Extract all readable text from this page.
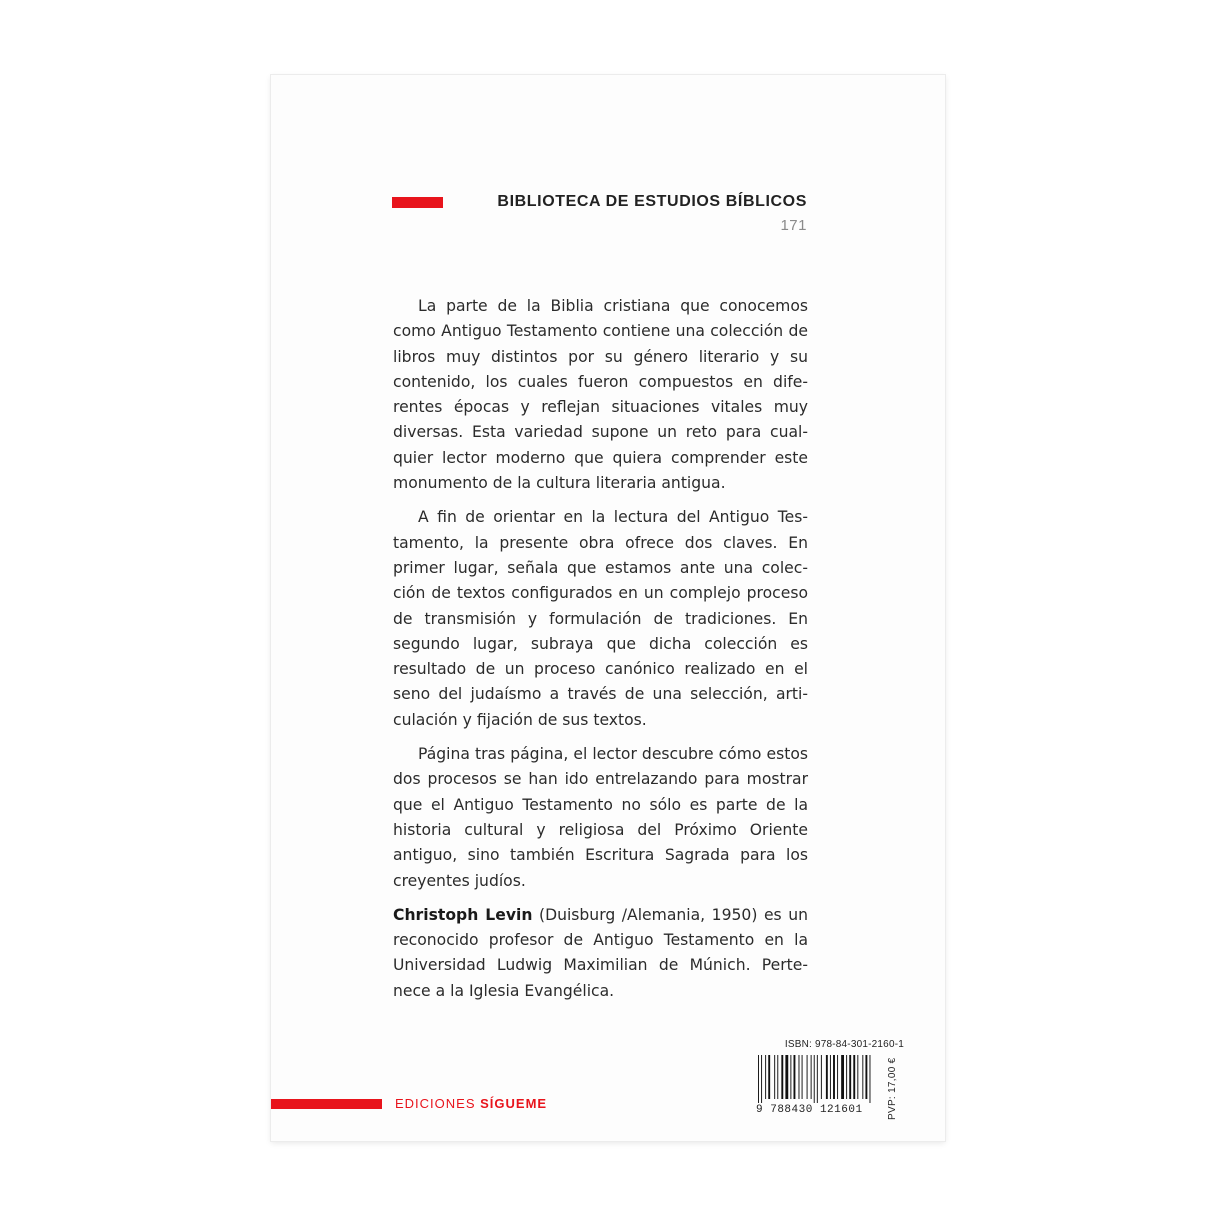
BIBLIOTECA DE ESTUDIOS BÍBLICOS
171

La parte de la Biblia cristiana que conocemos como Antiguo Testamento contiene una colección de libros muy distintos por su género literario y su contenido, los cuales fueron compuestos en diferentes épocas y reflejan situaciones vitales muy diversas. Esta variedad supone un reto para cualquier lector moderno que quiera comprender este monumento de la cultura literaria antigua.

A fin de orientar en la lectura del Antiguo Testamento, la presente obra ofrece dos claves. En primer lugar, señala que estamos ante una colección de textos configurados en un complejo proceso de transmisión y formulación de tradiciones. En segundo lugar, subraya que dicha colección es resultado de un proceso canónico realizado en el seno del judaísmo a través de una selección, articulación y fijación de sus textos.

Página tras página, el lector descubre cómo estos dos procesos se han ido entrelazando para mostrar que el Antiguo Testamento no sólo es parte de la historia cultural y religiosa del Próximo Oriente antiguo, sino también Escritura Sagrada para los creyentes judíos.

Christoph Levin (Duisburg /Alemania, 1950) es un reconocido profesor de Antiguo Testamento en la Universidad Ludwig Maximilian de Múnich. Pertenece a la Iglesia Evangélica.

EDICIONES SÍGUEME
ISBN: 978-84-301-2160-1
9 788430 121601	PVP: 17,00 €
